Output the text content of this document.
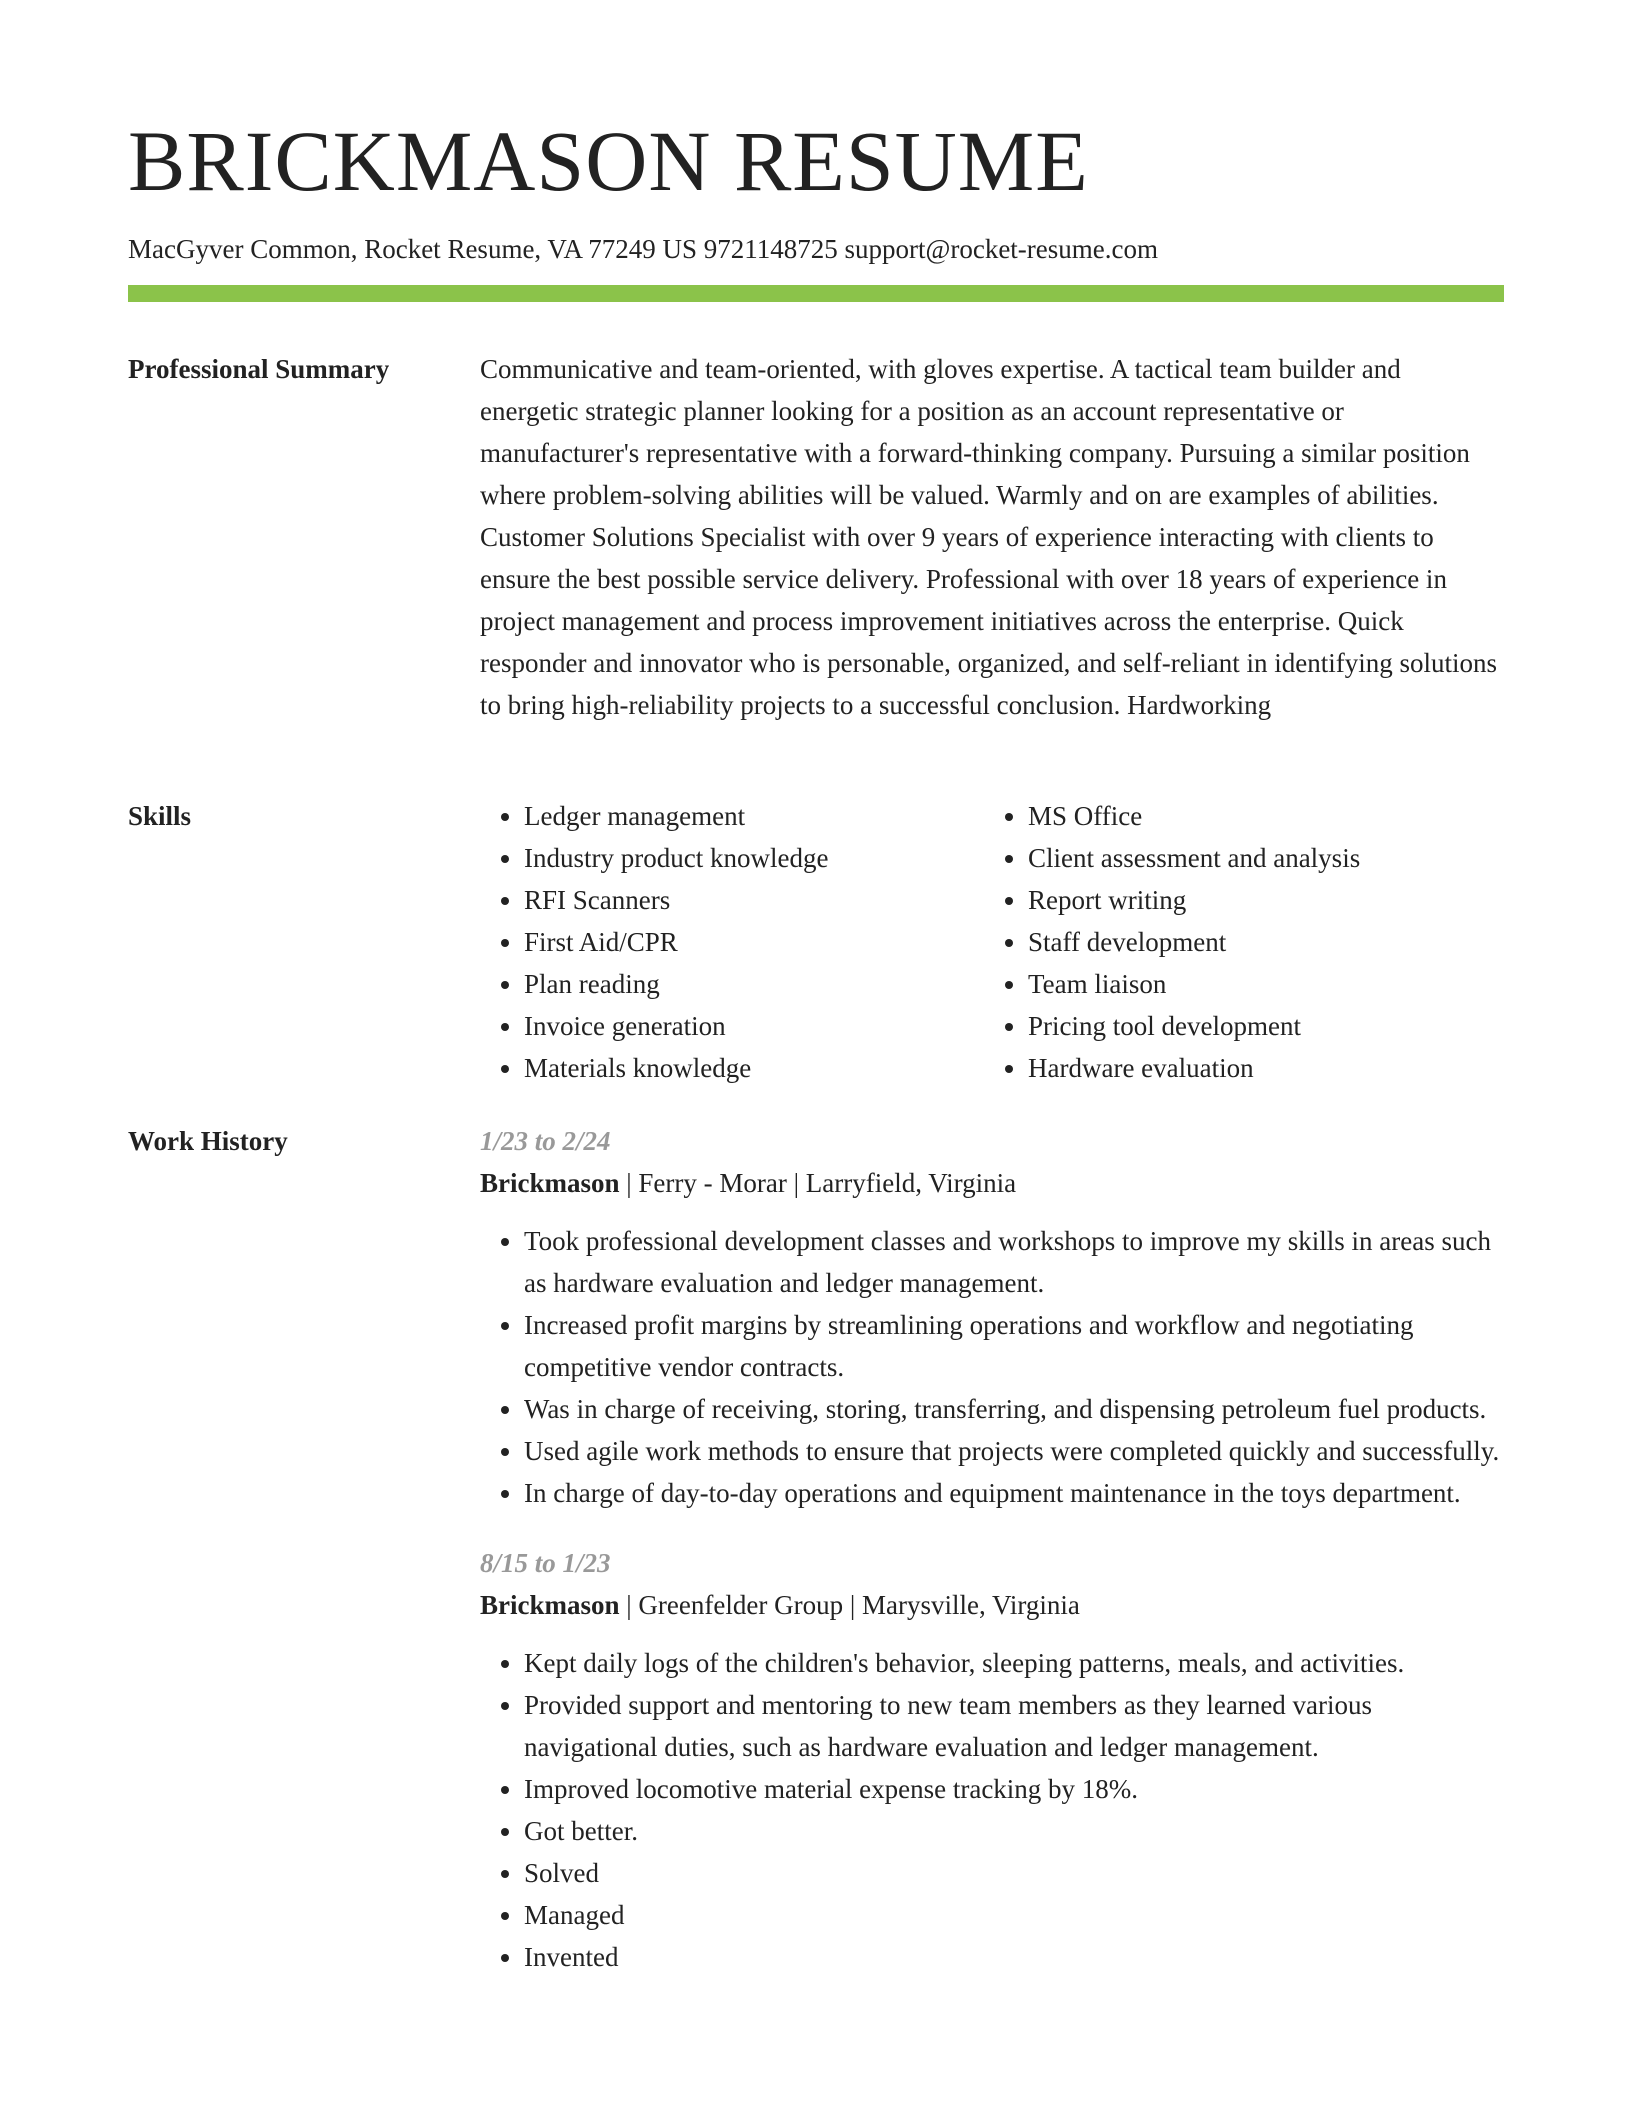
BRICKMASON RESUME
MacGyver Common, Rocket Resume, VA 77249 US 9721148725 support@rocket-resume.com
Professional Summary	Communicative and team-oriented, with gloves expertise. A tactical team builder and energetic strategic planner looking for a position as an account representative or manufacturer's representative with a forward-thinking company. Pursuing a similar position where problem-solving abilities will be valued. Warmly and on are examples of abilities. Customer Solutions Specialist with over 9 years of experience interacting with clients to ensure the best possible service delivery. Professional with over 18 years of experience in project management and process improvement initiatives across the enterprise. Quick responder and innovator who is personable, organized, and self-reliant in identifying solutions to bring high-reliability projects to a successful conclusion. Hardworking

Skills
•	Ledger management
• Industry product knowledge
• RFI Scanners
• First Aid/CPR
• Plan reading
• Invoice generation
• Materials knowledge
• MS Office
• Client assessment and analysis
• Report writing
• Staff development
• Team liaison
• Pricing tool development
• Hardware evaluation
Work History	1/23 to 2/24
Brickmason | Ferry - Morar | Larryfield, Virginia
• Took professional development classes and workshops to improve my skills in areas such as hardware evaluation and ledger management.
• Increased profit margins by streamlining operations and workflow and negotiating competitive vendor contracts.
• Was in charge of receiving, storing, transferring, and dispensing petroleum fuel products.
• Used agile work methods to ensure that projects were completed quickly and successfully.
• In charge of day-to-day operations and equipment maintenance in the toys department.
8/15 to 1/23
Brickmason | Greenfelder Group | Marysville, Virginia
• Kept daily logs of the children's behavior, sleeping patterns, meals, and activities.
• Provided support and mentoring to new team members as they learned various navigational duties, such as hardware evaluation and ledger management.
• Improved locomotive material expense tracking by 18%.
• Got better.
• Solved
• Managed
• Invented
